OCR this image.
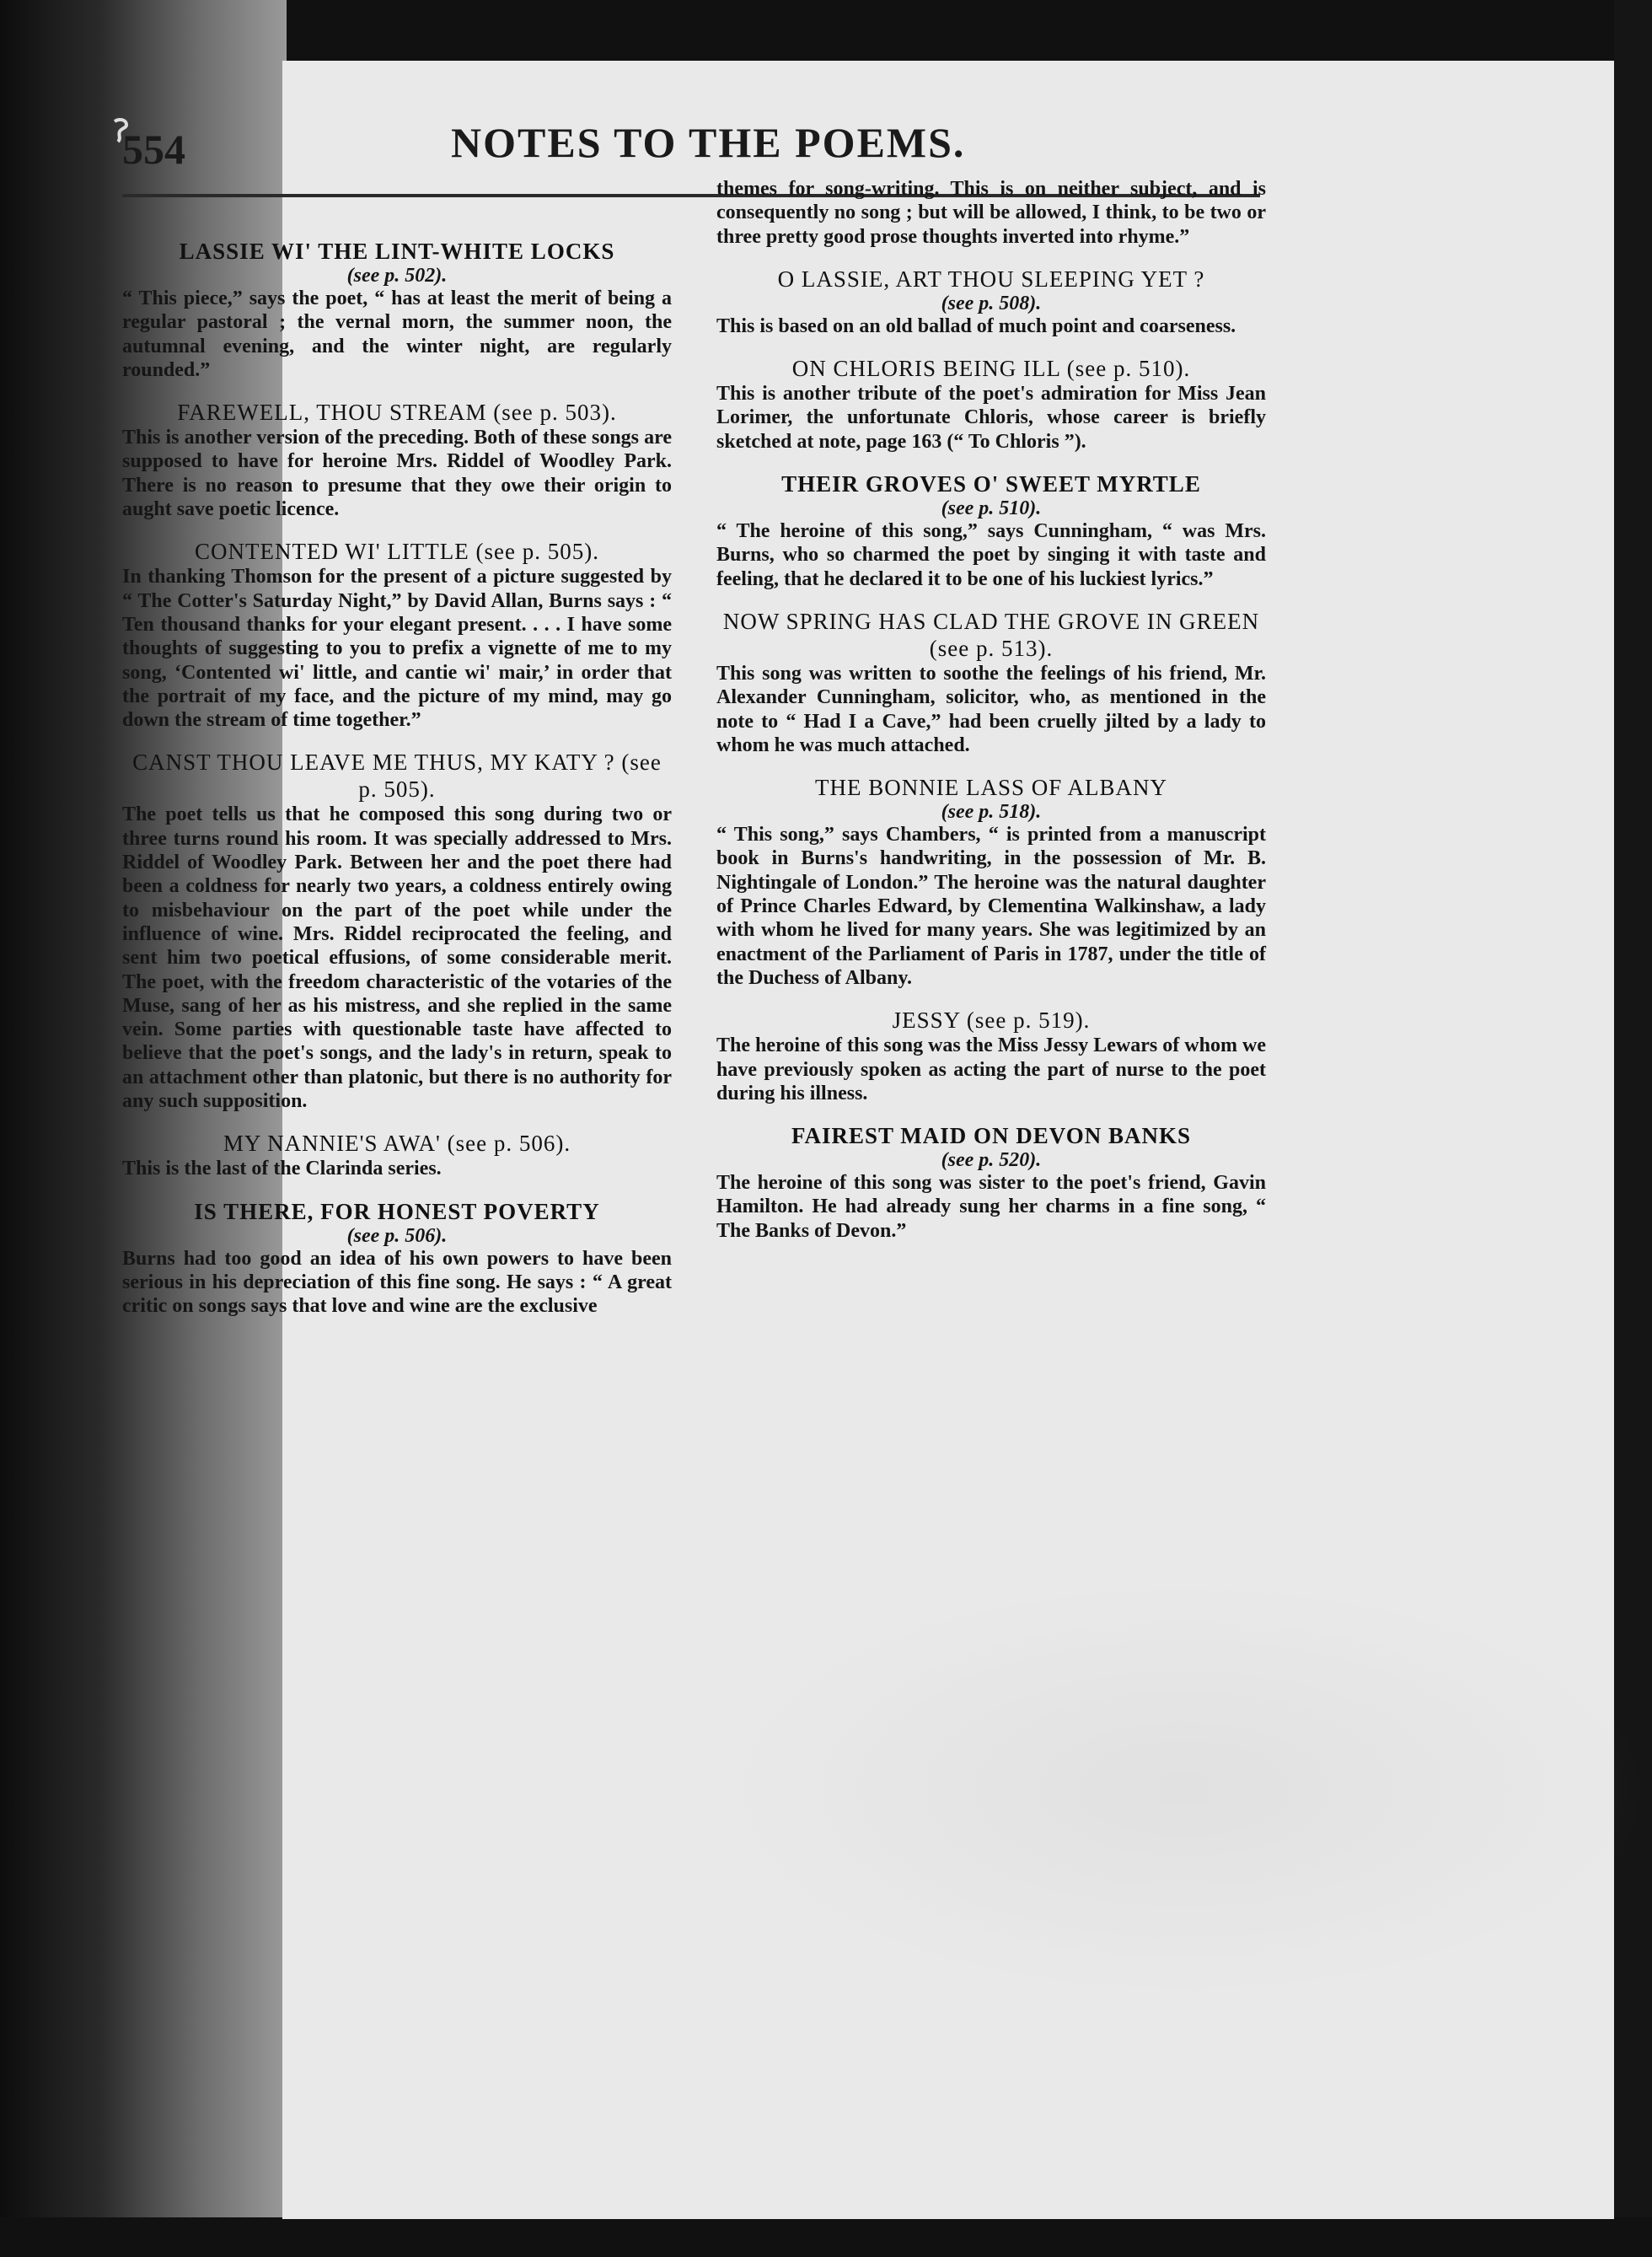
554	NOTES TO THE POEMS.

LASSIE WI' THE LINT-WHITE LOCKS

(see p. 502).

“ This piece,” says the poet, “ has at least the merit of being a regular pastoral ; the vernal morn, the summer noon, the autumnal evening, and the winter night, are regularly rounded.”

FAREWELL, THOU STREAM (see p. 503).

This is another version of the preceding. Both of these songs are supposed to have for heroine Mrs. Riddel of Woodley Park. There is no reason to presume that they owe their origin to aught save poetic licence.

CONTENTED WI' LITTLE (see p. 505).

In thanking Thomson for the present of a picture suggested by “ The Cotter's Saturday Night,” by David Allan, Burns says : “ Ten thousand thanks for your elegant present. . . . I have some thoughts of suggesting to you to prefix a vignette of me to my song, ‘Contented wi' little, and cantie wi' mair,’ in order that the portrait of my face, and the picture of my mind, may go down the stream of time together.”

CANST THOU LEAVE ME THUS, MY KATY ? (see p. 505).

The poet tells us that he composed this song during two or three turns round his room. It was specially addressed to Mrs. Riddel of Woodley Park. Between her and the poet there had been a coldness for nearly two years, a coldness entirely owing to misbehaviour on the part of the poet while under the influence of wine. Mrs. Riddel reciprocated the feeling, and sent him two poetical effusions, of some considerable merit. The poet, with the freedom characteristic of the votaries of the Muse, sang of her as his mistress, and she replied in the same vein. Some parties with questionable taste have affected to believe that the poet's songs, and the lady's in return, speak to an attachment other than platonic, but there is no authority for any such supposition.

MY NANNIE'S AWA' (see p. 506).

This is the last of the Clarinda series.

IS THERE, FOR HONEST POVERTY

(see p. 506).

Burns had too good an idea of his own powers to have been serious in his depreciation of this fine song. He says : “ A great critic on songs says that love and wine are the exclusive

themes for song-writing. This is on neither subject, and is consequently no song ; but will be allowed, I think, to be two or three pretty good prose thoughts inverted into rhyme.”

O LASSIE, ART THOU SLEEPING YET ?

(see p. 508).

This is based on an old ballad of much point and coarseness.

ON CHLORIS BEING ILL (see p. 510).

This is another tribute of the poet's admiration for Miss Jean Lorimer, the unfortunate Chloris, whose career is briefly sketched at note, page 163 (“ To Chloris ”).

THEIR GROVES O' SWEET MYRTLE

(see p. 510).

“ The heroine of this song,” says Cunningham, “ was Mrs. Burns, who so charmed the poet by singing it with taste and feeling, that he declared it to be one of his luckiest lyrics.”

NOW SPRING HAS CLAD THE GROVE IN GREEN (see p. 513).

This song was written to soothe the feelings of his friend, Mr. Alexander Cunningham, solicitor, who, as mentioned in the note to “ Had I a Cave,” had been cruelly jilted by a lady to whom he was much attached.

THE BONNIE LASS OF ALBANY

(see p. 518).

“ This song,” says Chambers, “ is printed from a manuscript book in Burns's handwriting, in the possession of Mr. B. Nightingale of London.” The heroine was the natural daughter of Prince Charles Edward, by Clementina Walkinshaw, a lady with whom he lived for many years. She was legitimized by an enactment of the Parliament of Paris in 1787, under the title of the Duchess of Albany.

JESSY (see p. 519).

The heroine of this song was the Miss Jessy Lewars of whom we have previously spoken as acting the part of nurse to the poet during his illness.

FAIREST MAID ON DEVON BANKS

(see p. 520).

The heroine of this song was sister to the poet's friend, Gavin Hamilton. He had already sung her charms in a fine song, “ The Banks of Devon.”
